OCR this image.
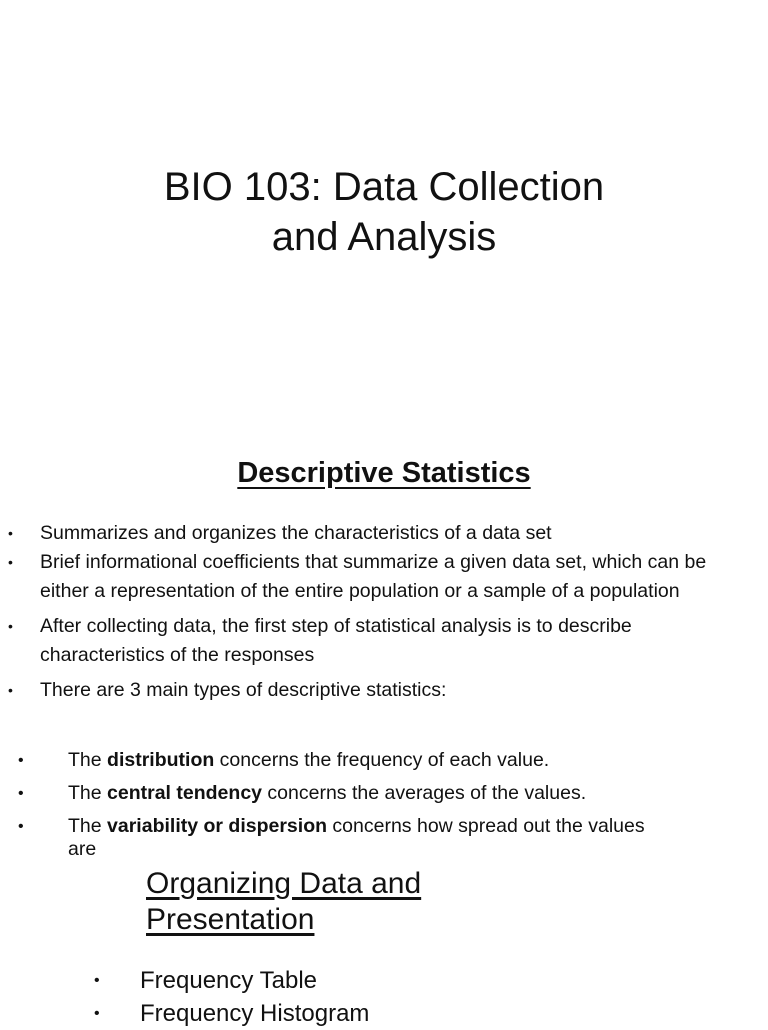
BIO 103: Data Collection
and Analysis
Descriptive Statistics
• Summarizes and organizes the characteristics of a data set
• Brief informational coefficients that summarize a given data set, which can be either a representation of the entire population or a sample of a population
• After collecting data, the first step of statistical analysis is to describe characteristics of the responses
• There are 3 main types of descriptive statistics:
• The distribution concerns the frequency of each value.
• The central tendency concerns the averages of the values.
• The variability or dispersion concerns how spread out the values
are
Organizing Data and
Presentation
• Frequency Table
• Frequency Histogram
